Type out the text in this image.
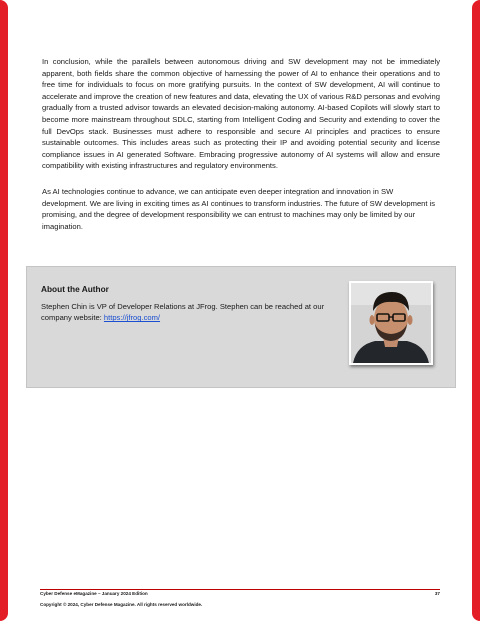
In conclusion, while the parallels between autonomous driving and SW development may not be immediately apparent, both fields share the common objective of harnessing the power of AI to enhance their operations and to free time for individuals to focus on more gratifying pursuits. In the context of SW development, AI will continue to accelerate and improve the creation of new features and data, elevating the UX of various R&D personas and evolving gradually from a trusted advisor towards an elevated decision-making autonomy. AI-based Copilots will slowly start to become more mainstream throughout SDLC, starting from Intelligent Coding and Security and extending to cover the full DevOps stack. Businesses must adhere to responsible and secure AI principles and practices to ensure sustainable outcomes. This includes areas such as protecting their IP and avoiding potential security and license compliance issues in AI generated Software. Embracing progressive autonomy of AI systems will allow and ensure compatibility with existing infrastructures and regulatory environments.

As AI technologies continue to advance, we can anticipate even deeper integration and innovation in SW development. We are living in exciting times as AI continues to transform industries. The future of SW development is promising, and the degree of development responsibility we can entrust to machines may only be limited by our imagination.

About the Author

Stephen Chin is VP of Developer Relations at JFrog. Stephen can be reached at our company website: https://jfrog.com/

Cyber Defense eMagazine – January 2024 Edition	37
Copyright © 2024, Cyber Defense Magazine. All rights reserved worldwide.
